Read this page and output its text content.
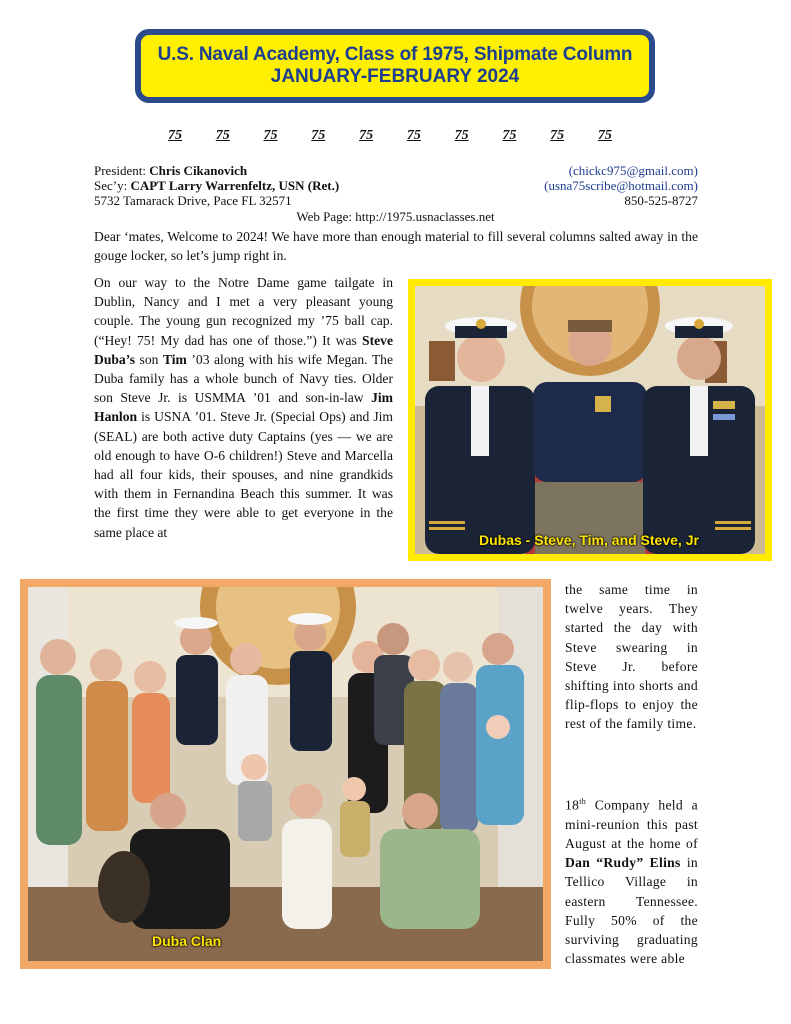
U.S. Naval Academy, Class of 1975, Shipmate Column
JANUARY-FEBRUARY 2024
75	75	75	75	75	75	75	75	75	75
President: Chris Cikanovich	(chickc975@gmail.com)
Sec’y: CAPT Larry Warrenfeltz, USN (Ret.)	(usna75scribe@hotmail.com)
5732 Tamarack Drive, Pace FL 32571	850-525-8727
Web Page: http://1975.usnaclasses.net

Dear ‘mates, Welcome to 2024! We have more than enough material to fill several columns salted away in the gouge locker, so let’s jump right in.

On our way to the Notre Dame game tailgate in Dublin, Nancy and I met a very pleasant young couple. The young gun recognized my ’75 ball cap. (“Hey! 75! My dad has one of those.”) It was Steve Duba’s son Tim ’03 along with his wife Megan. The Duba family has a whole bunch of Navy ties. Older son Steve Jr. is USMMA ’01 and son-in-law Jim Hanlon is USNA ’01. Steve Jr. (Special Ops) and Jim (SEAL) are both active duty Captains (yes — we are old enough to have O-6 children!) Steve and Marcella had all four kids, their spouses, and nine grandkids with them in Fernandina Beach this summer. It was the first time they were able to get everyone in the same place at	Dubas - Steve, Tim, and Steve, Jr
Duba Clan

the same time in twelve years. They started the day with Steve swearing in Steve Jr. before shifting into shorts and flip-flops to enjoy the rest of the family time.

18th Company held a mini-reunion this past August at the home of Dan “Rudy” Elins in Tellico Village in eastern Tennessee. Fully 50% of the surviving graduating classmates were able
